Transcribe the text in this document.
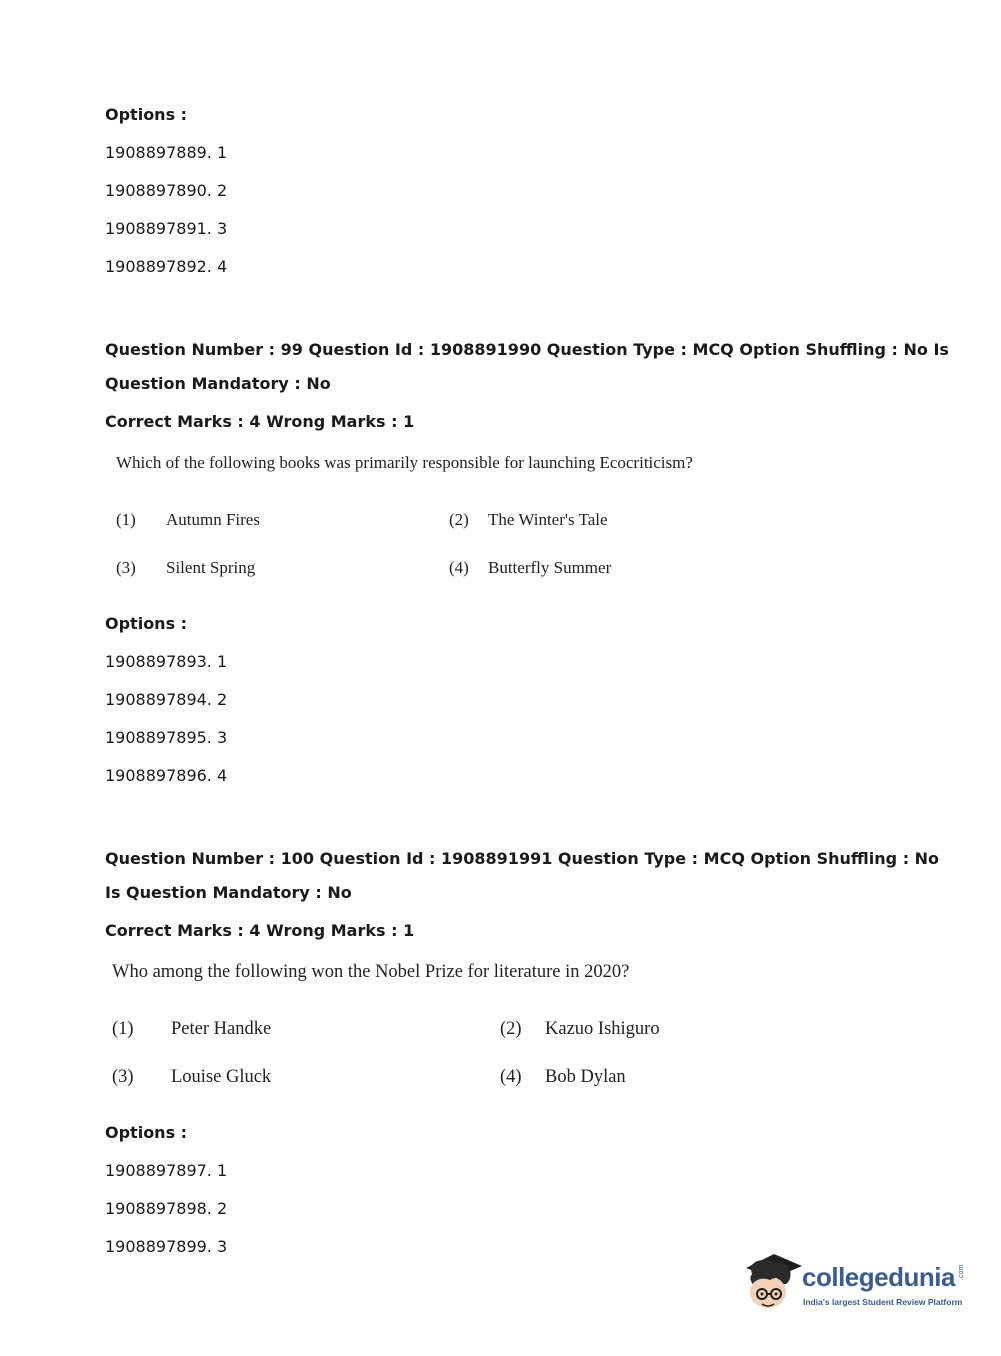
Options :
1908897889. 1
1908897890. 2
1908897891. 3
1908897892. 4
Question Number : 99 Question Id : 1908891990 Question Type : MCQ Option Shuffling : No Is
Question Mandatory : No
Correct Marks : 4 Wrong Marks : 1
Which of the following books was primarily responsible for launching Ecocriticism?
(1) Autumn Fires	(2) The Winter's Tale
(3) Silent Spring	(4) Butterfly Summer
Options :
1908897893. 1
1908897894. 2
1908897895. 3
1908897896. 4
Question Number : 100 Question Id : 1908891991 Question Type : MCQ Option Shuffling : No
Is Question Mandatory : No
Correct Marks : 4 Wrong Marks : 1
Who among the following won the Nobel Prize for literature in 2020?
(1) Peter Handke	(2) Kazuo Ishiguro
(3) Louise Gluck	(4) Bob Dylan
Options :
1908897897. 1
1908897898. 2
1908897899. 3
collegedunia .com
India's largest Student Review Platform
